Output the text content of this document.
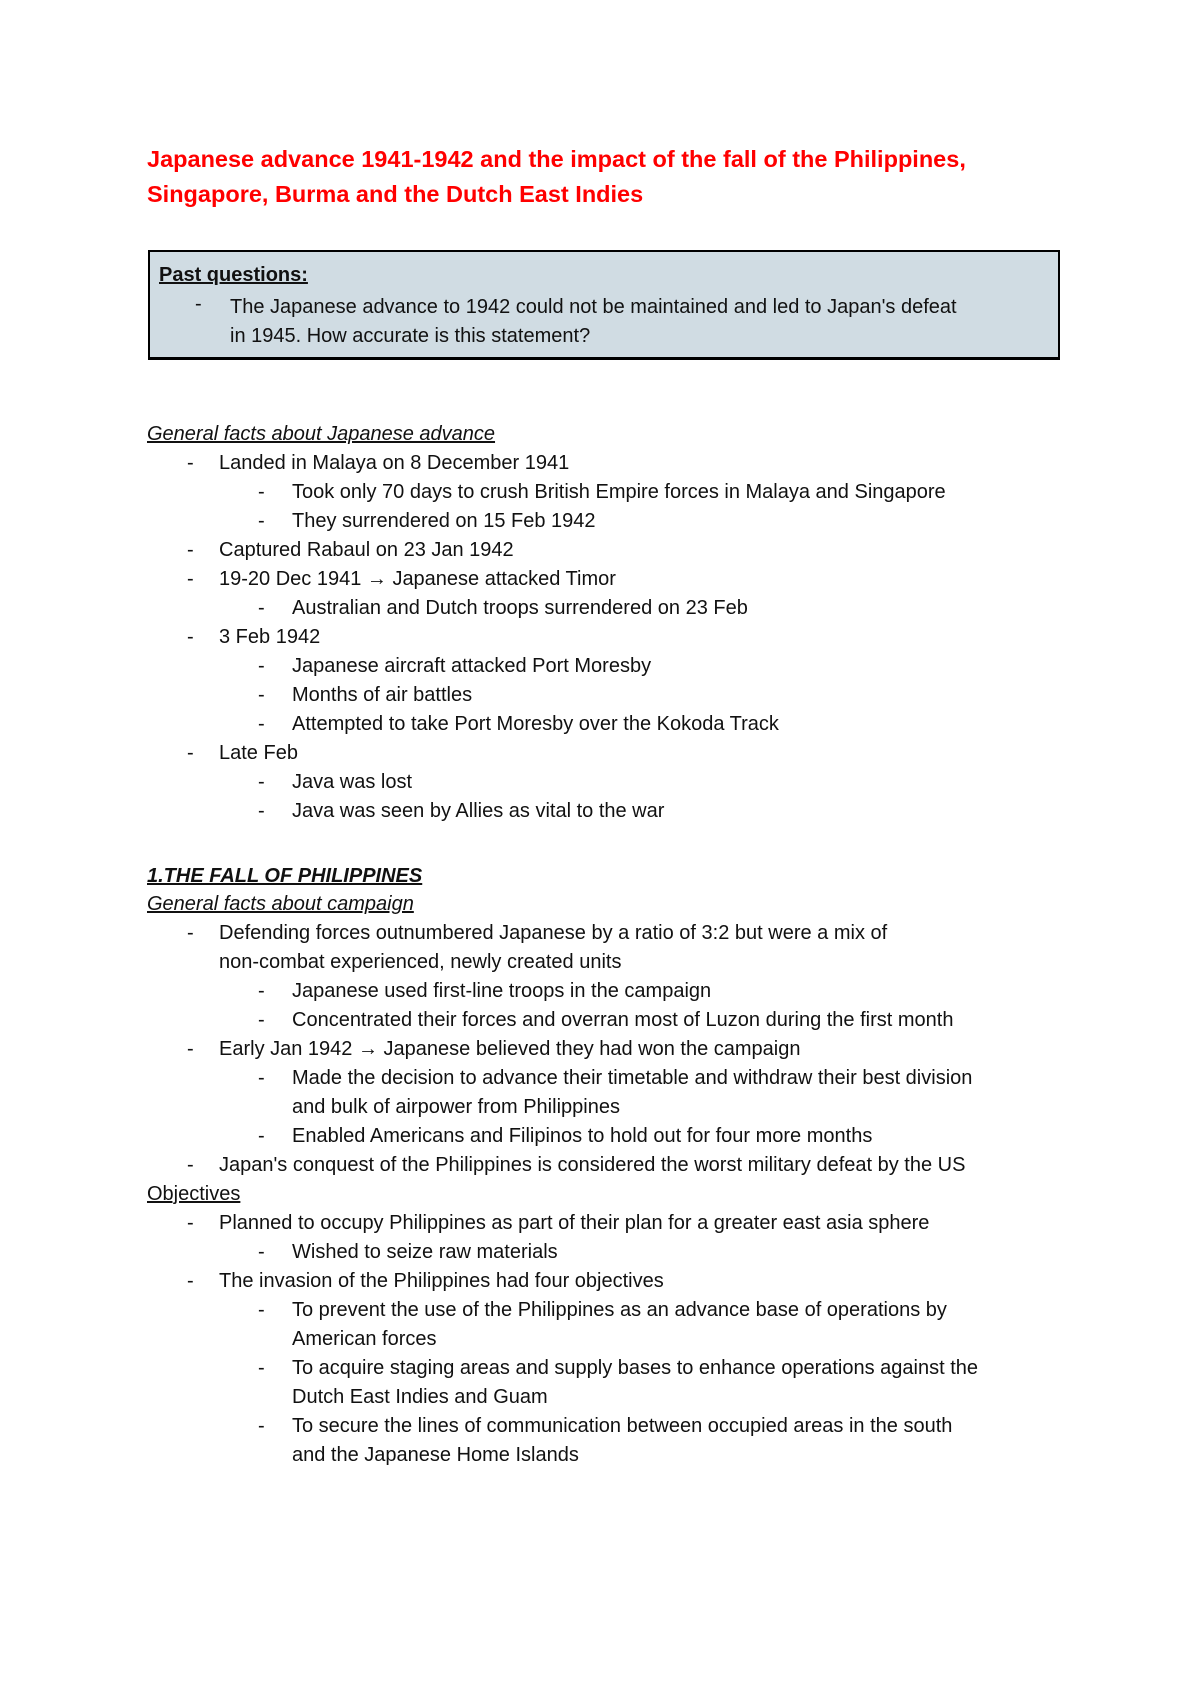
Japanese advance 1941-1942 and the impact of the fall of the Philippines, Singapore, Burma and the Dutch East Indies

Past questions:

- The Japanese advance to 1942 could not be maintained and led to Japan's defeat
in 1945. How accurate is this statement?

General facts about Japanese advance
- Landed in Malaya on 8 December 1941
- Took only 70 days to crush British Empire forces in Malaya and Singapore
- They surrendered on 15 Feb 1942
- Captured Rabaul on 23 Jan 1942
- 19-20 Dec 1941 → Japanese attacked Timor
- Australian and Dutch troops surrendered on 23 Feb
- 3 Feb 1942
- Japanese aircraft attacked Port Moresby
- Months of air battles
- Attempted to take Port Moresby over the Kokoda Track
- Late Feb
- Java was lost
- Java was seen by Allies as vital to the war
1.THE FALL OF PHILIPPINES
General facts about campaign
- Defending forces outnumbered Japanese by a ratio of 3:2 but were a mix of
non-combat experienced, newly created units
- Japanese used first-line troops in the campaign
- Concentrated their forces and overran most of Luzon during the first month
- Early Jan 1942 → Japanese believed they had won the campaign
- Made the decision to advance their timetable and withdraw their best division
and bulk of airpower from Philippines
- Enabled Americans and Filipinos to hold out for four more months
- Japan's conquest of the Philippines is considered the worst military defeat by the US
Objectives
- Planned to occupy Philippines as part of their plan for a greater east asia sphere
- Wished to seize raw materials
- The invasion of the Philippines had four objectives
- To prevent the use of the Philippines as an advance base of operations by
American forces
- To acquire staging areas and supply bases to enhance operations against the
Dutch East Indies and Guam
- To secure the lines of communication between occupied areas in the south
and the Japanese Home Islands
